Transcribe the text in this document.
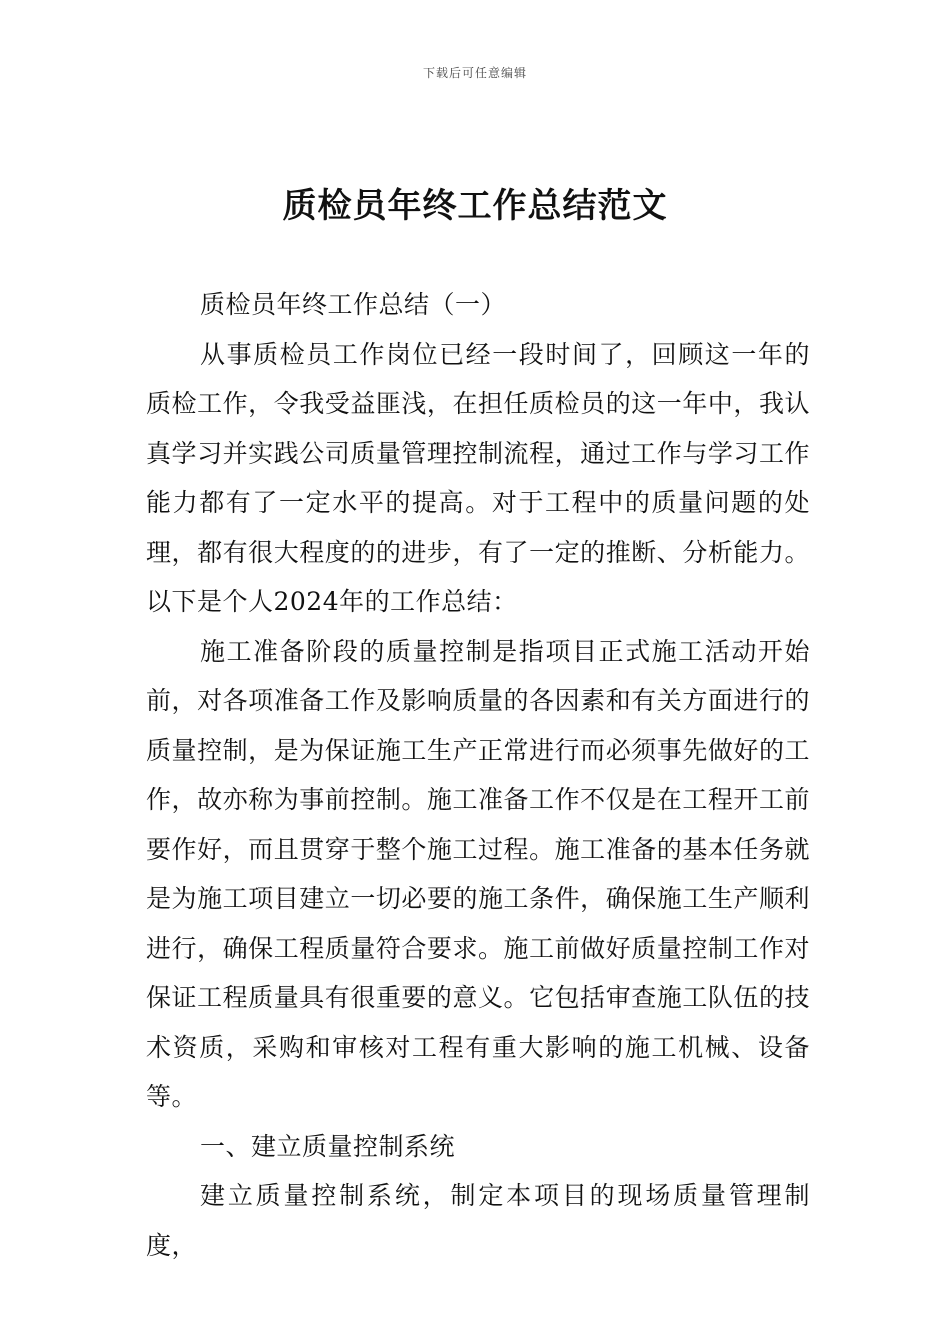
下载后可任意编辑
质检员年终工作总结范文

质检员年终工作总结（一）

从事质检员工作岗位已经一段时间了，回顾这一年的质检工作，令我受益匪浅，在担任质检员的这一年中，我认真学习并实践公司质量管理控制流程，通过工作与学习工作能力都有了一定水平的提高。对于工程中的质量问题的处理，都有很大程度的的进步，有了一定的推断、分析能力。以下是个人2024年的工作总结：

施工准备阶段的质量控制是指项目正式施工活动开始前，对各项准备工作及影响质量的各因素和有关方面进行的质量控制，是为保证施工生产正常进行而必须事先做好的工作，故亦称为事前控制。施工准备工作不仅是在工程开工前要作好，而且贯穿于整个施工过程。施工准备的基本任务就是为施工项目建立一切必要的施工条件，确保施工生产顺利进行，确保工程质量符合要求。施工前做好质量控制工作对保证工程质量具有很重要的意义。它包括审查施工队伍的技术资质，采购和审核对工程有重大影响的施工机械、设备等。

一、建立质量控制系统

建立质量控制系统，制定本项目的现场质量管理制度，
